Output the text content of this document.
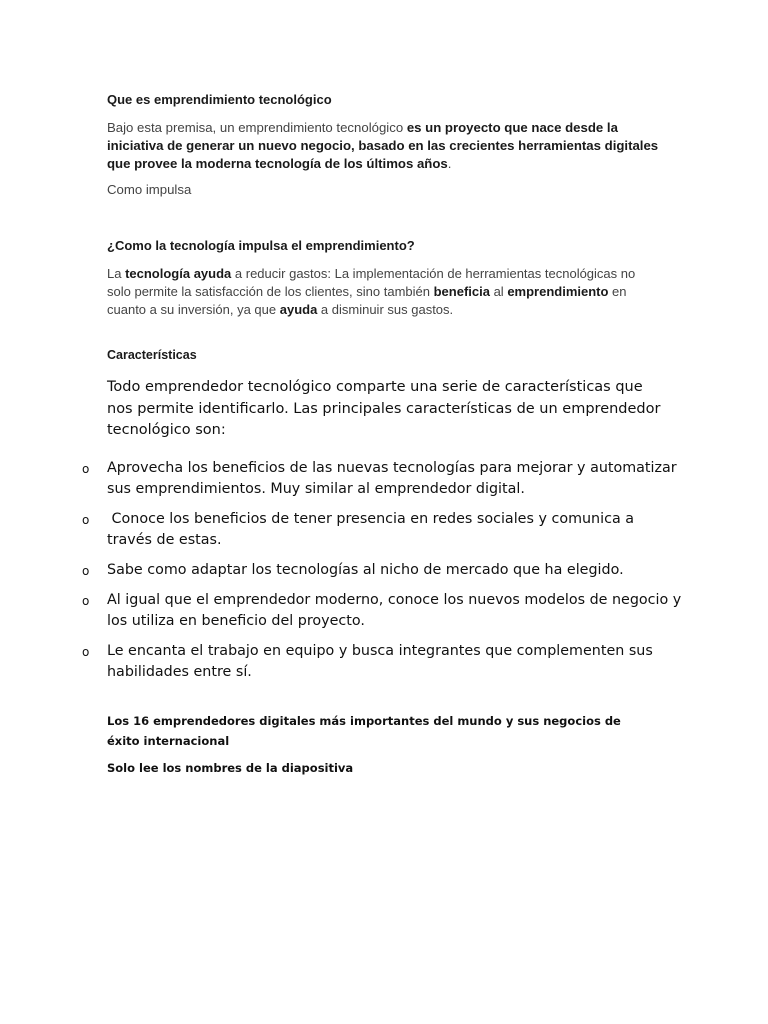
Que es emprendimiento tecnológico
Bajo esta premisa, un emprendimiento tecnológico es un proyecto que nace desde la iniciativa de generar un nuevo negocio, basado en las crecientes herramientas digitales que provee la moderna tecnología de los últimos años.
Como impulsa
¿Como la tecnología impulsa el emprendimiento?
La tecnología ayuda a reducir gastos: La implementación de herramientas tecnológicas no solo permite la satisfacción de los clientes, sino también beneficia al emprendimiento en cuanto a su inversión, ya que ayuda a disminuir sus gastos.
Características
Todo emprendedor tecnológico comparte una serie de características que nos permite identificarlo. Las principales características de un emprendedor tecnológico son:
o Aprovecha los beneficios de las nuevas tecnologías para mejorar y automatizar sus emprendimientos. Muy similar al emprendedor digital.
o Conoce los beneficios de tener presencia en redes sociales y comunica a través de estas.
o Sabe como adaptar los tecnologías al nicho de mercado que ha elegido.
o Al igual que el emprendedor moderno, conoce los nuevos modelos de negocio y los utiliza en beneficio del proyecto.
o Le encanta el trabajo en equipo y busca integrantes que complementen sus habilidades entre sí.
Los 16 emprendedores digitales más importantes del mundo y sus negocios de éxito internacional
Solo lee los nombres de la diapositiva
